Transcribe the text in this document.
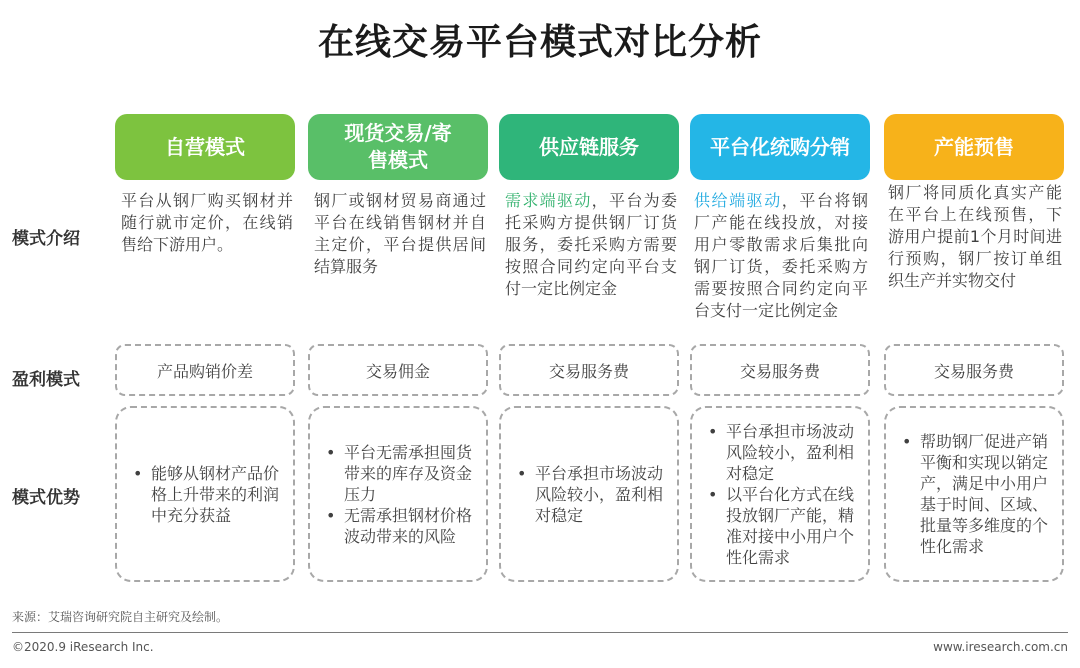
在线交易平台模式对比分析
模式介绍
盈利模式
模式优势
自营模式
平台从钢厂购买钢材并随行就市定价，在线销售给下游用户。
产品购销价差
• 能够从钢材产品价格上升带来的利润中充分获益
现货交易/寄售模式
钢厂或钢材贸易商通过平台在线销售钢材并自主定价，平台提供居间结算服务
交易佣金
• 平台无需承担囤货带来的库存及资金压力
• 无需承担钢材价格波动带来的风险
供应链服务
需求端驱动，平台为委托采购方提供钢厂订货服务，委托采购方需要按照合同约定向平台支付一定比例定金
交易服务费
• 平台承担市场波动风险较小，盈利相对稳定
平台化统购分销
供给端驱动，平台将钢厂产能在线投放，对接用户零散需求后集批向钢厂订货，委托采购方需要按照合同约定向平台支付一定比例定金
交易服务费
• 平台承担市场波动风险较小，盈利相对稳定
• 以平台化方式在线投放钢厂产能，精准对接中小用户个性化需求
产能预售
钢厂将同质化真实产能在平台上在线预售，下游用户提前1个月时间进行预购，钢厂按订单组织生产并实物交付
交易服务费
• 帮助钢厂促进产销平衡和实现以销定产，满足中小用户基于时间、区域、批量等多维度的个性化需求
来源：艾瑞咨询研究院自主研究及绘制。
©2020.9 iResearch Inc.	www.iresearch.com.cn
